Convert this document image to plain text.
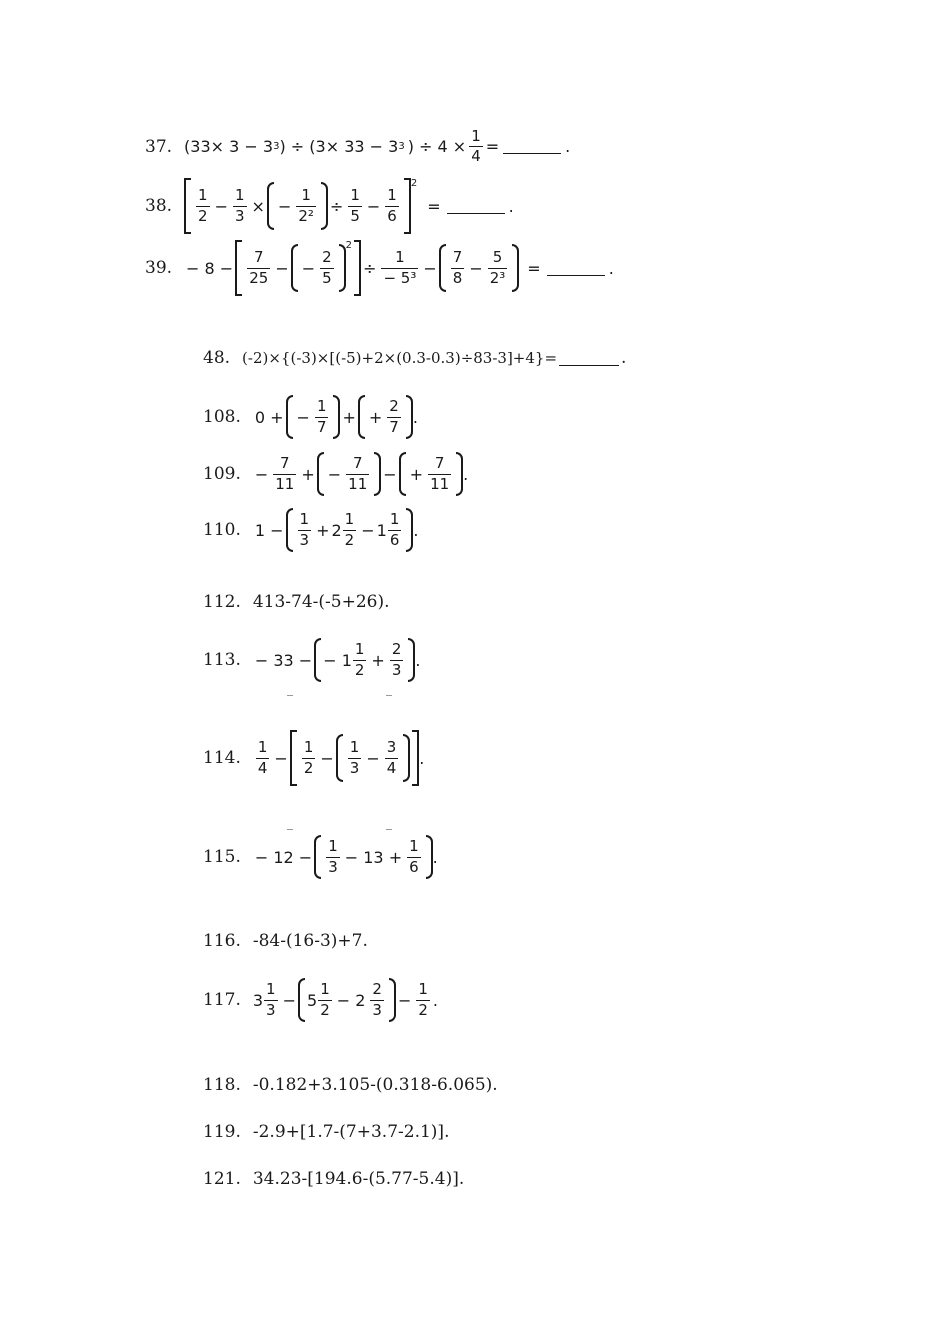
37. (33× 3 − 3 3 ) ÷ (3× 33 − 3 3 ) ÷ $4 \times \frac{1}{4}$ =	.
38. $\frac{1}{2} - \frac{1}{3}$ × − $\frac{1}{\text{2²}} \div \frac{1}{5} - \frac{1}{6}$
$^2$
=	.
39. − $8 - \frac{7}{25}$ − − $\frac{2}{5}$
$^2$
÷ $\frac{1}{\text{− 5³}} - \frac{7}{8} - \frac{5}{\text{2³}}$ =	.
48. (-2)×{(-3)×[(-5)+2×(0.3-0.3)÷83-3]+4}=	.
108. 0 + − $\frac{1}{7}$ + + $\frac{2}{7}$ .
109. − $\frac{7}{11}$ + − $\frac{7}{11}$ − + $\frac{7}{11}$ .
110. $1 - \frac{1}{3} + 2 \frac{1}{2} - 1 \frac{1}{6}$ .
112. 413-74-(-5+26).
113. − 33 − − $1 \frac{1}{2} + \frac{2}{3}$ .
114. $\frac{1}{4} - \frac{1}{2} - \frac{1}{3} - \frac{3}{4}$ .
115. − $12 - \frac{1}{3} - 13 + \frac{1}{6}$ .
116. -84-(16-3)+7.
117. $3 \frac{1}{3} - 5 \frac{1}{2} - 2 \frac{2}{3} - \frac{1}{2}$ .
118. -0.182+3.105-(0.318-6.065).
119. -2.9+[1.7-(7+3.7-2.1)].
121. 34.23-[194.6-(5.77-5.4)].
